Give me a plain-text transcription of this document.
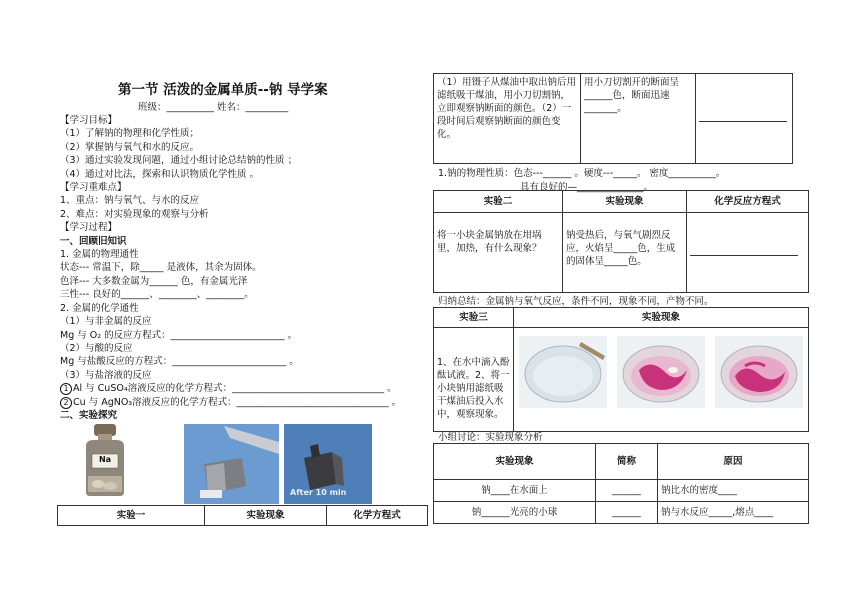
第一节 活泼的金属单质--钠 导学案
班级：__________ 姓名：_________
【学习目标】
（1）了解钠的物理和化学性质；
（2）掌握钠与氧气和水的反应。
（3）通过实验发现问题，通过小组讨论总结钠的性质 ；
（4）通过对比法，探索和认识物质化学性质 。
【学习重难点】
1、重点：钠与氧气、与水的反应
2、难点：对实验现象的观察与分析
【学习过程】
一、回顾旧知识
1. 金属的物理通性
状态--- 常温下，除_____ 是液体，其余为固体。
色泽--- 大多数金属为______ 色，有金属光泽
三性--- 良好的______、________、________。
2. 金属的化学通性
（1）与非金属的反应
Mg 与 O₂ 的反应方程式：________________________ 。
（2）与酸的反应
Mg 与盐酸反应的方程式：________________________ 。
（3）与盐溶液的反应
1 Al 与 CuSO₄溶液反应的化学方程式：________________________________ 。
2 Cu 与 AgNO₃溶液反应的化学方程式：________________________________ 。
二、实验探究
Na
After 10 min
实验一	实验现象	化学方程式
（1）用镊子从煤油中取出钠后用滤纸吸干煤油，用小刀切割钠，立即观察钠断面的颜色。（2）一段时间后观察钠断面的颜色变化。	用小刀切割开的断面呈______色，断面迅速_______。	
1.钠的物理性质：色态---______ 。硬度---_____。 密度__________。
具有良好的—______________。
实验二	实验现象	化学反应方程式
将一小块金属钠放在坩埚里，加热，有什么现象？	钠受热后，与氧气剧烈反应，火焰呈_____色，生成的固体呈_____色。	
归纳总结：金属钠与氧气反应，条件不同，现象不同，产物不同。
实验三	实验现象
1、在水中滴入酚酞试液。2、将一小块钠用滤纸吸干煤油后投入水中，观察现象。	
小组讨论：实验现象分析
实验现象	简称	原因
钠____在水面上	______	钠比水的密度____
钠______光亮的小球	______	钠与水反应_____,熔点____
